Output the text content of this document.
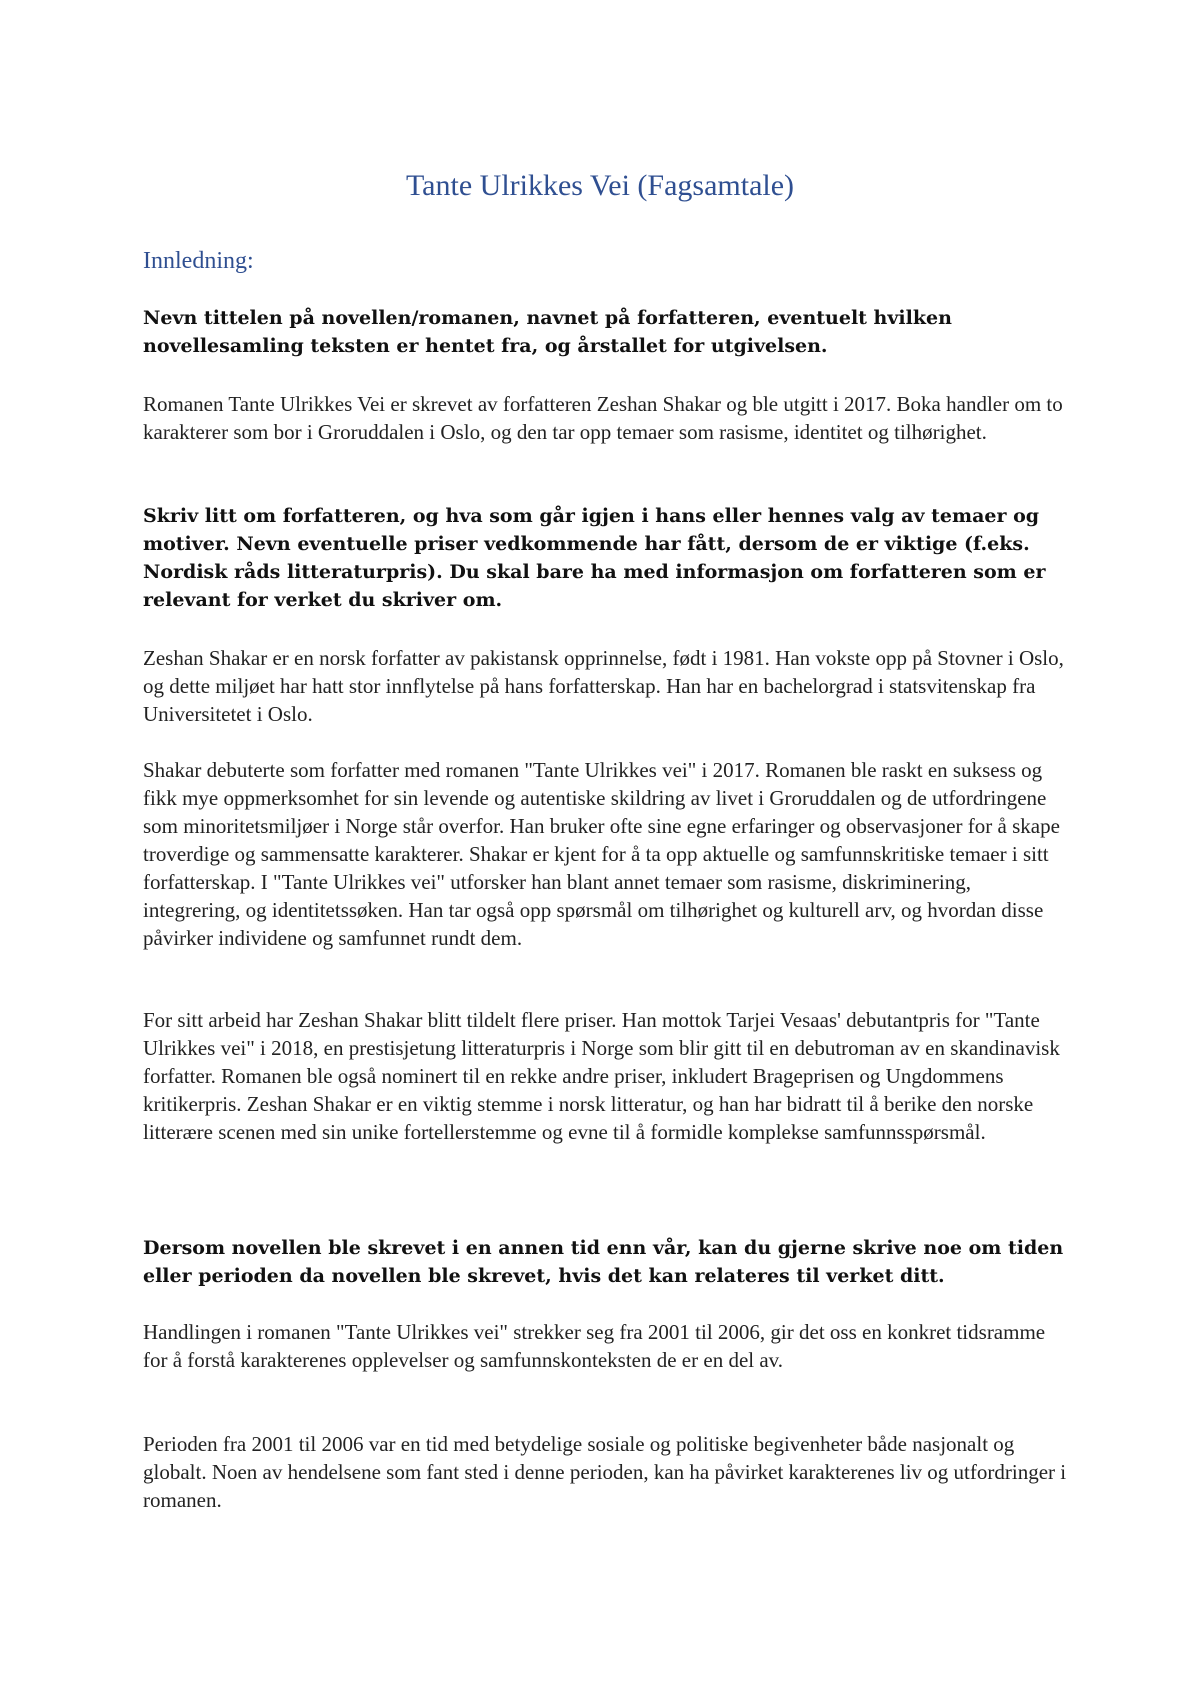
Tante Ulrikkes Vei (Fagsamtale)
Innledning:

Nevn tittelen på novellen/romanen, navnet på forfatteren, eventuelt hvilken novellesamling teksten er hentet fra, og årstallet for utgivelsen.

Romanen Tante Ulrikkes Vei er skrevet av forfatteren Zeshan Shakar og ble utgitt i 2017. Boka handler om to karakterer som bor i Groruddalen i Oslo, og den tar opp temaer som rasisme, identitet og tilhørighet.

Skriv litt om forfatteren, og hva som går igjen i hans eller hennes valg av temaer og motiver. Nevn eventuelle priser vedkommende har fått, dersom de er viktige (f.eks. Nordisk råds litteraturpris). Du skal bare ha med informasjon om forfatteren som er relevant for verket du skriver om.

Zeshan Shakar er en norsk forfatter av pakistansk opprinnelse, født i 1981. Han vokste opp på Stovner i Oslo, og dette miljøet har hatt stor innflytelse på hans forfatterskap. Han har en bachelorgrad i statsvitenskap fra Universitetet i Oslo.

Shakar debuterte som forfatter med romanen "Tante Ulrikkes vei" i 2017. Romanen ble raskt en suksess og fikk mye oppmerksomhet for sin levende og autentiske skildring av livet i Groruddalen og de utfordringene som minoritetsmiljøer i Norge står overfor. Han bruker ofte sine egne erfaringer og observasjoner for å skape troverdige og sammensatte karakterer. Shakar er kjent for å ta opp aktuelle og samfunnskritiske temaer i sitt forfatterskap. I "Tante Ulrikkes vei" utforsker han blant annet temaer som rasisme, diskriminering, integrering, og identitetssøken. Han tar også opp spørsmål om tilhørighet og kulturell arv, og hvordan disse påvirker individene og samfunnet rundt dem.

For sitt arbeid har Zeshan Shakar blitt tildelt flere priser. Han mottok Tarjei Vesaas' debutantpris for "Tante Ulrikkes vei" i 2018, en prestisjetung litteraturpris i Norge som blir gitt til en debutroman av en skandinavisk forfatter. Romanen ble også nominert til en rekke andre priser, inkludert Brageprisen og Ungdommens kritikerpris. Zeshan Shakar er en viktig stemme i norsk litteratur, og han har bidratt til å berike den norske litterære scenen med sin unike fortellerstemme og evne til å formidle komplekse samfunnsspørsmål.

Dersom novellen ble skrevet i en annen tid enn vår, kan du gjerne skrive noe om tiden eller perioden da novellen ble skrevet, hvis det kan relateres til verket ditt.

Handlingen i romanen "Tante Ulrikkes vei" strekker seg fra 2001 til 2006, gir det oss en konkret tidsramme for å forstå karakterenes opplevelser og samfunnskonteksten de er en del av.

Perioden fra 2001 til 2006 var en tid med betydelige sosiale og politiske begivenheter både nasjonalt og globalt. Noen av hendelsene som fant sted i denne perioden, kan ha påvirket karakterenes liv og utfordringer i romanen.
